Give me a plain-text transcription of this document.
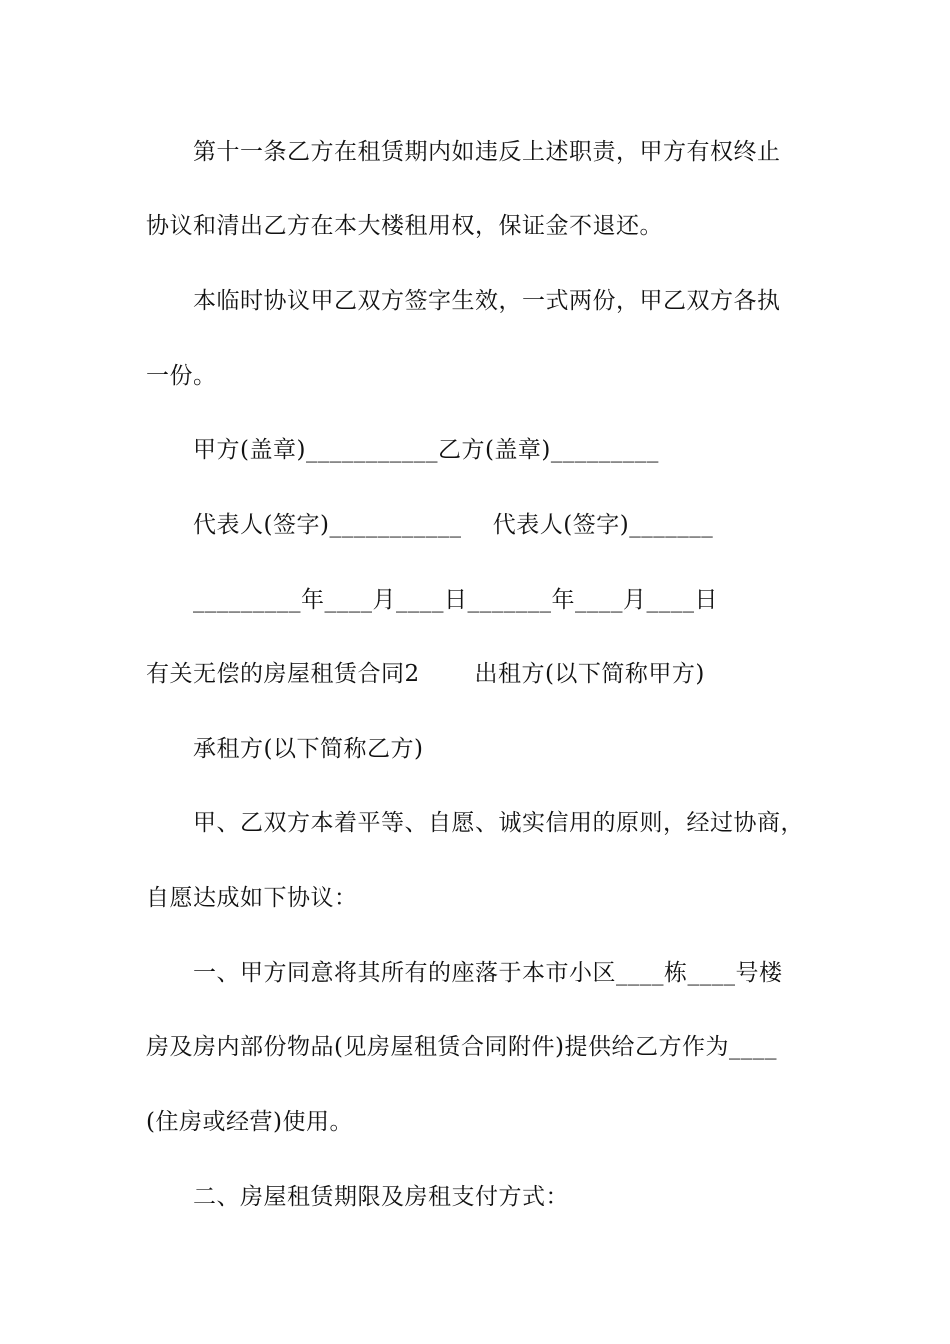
第十一条乙方在租赁期内如违反上述职责，甲方有权终止
协议和清出乙方在本大楼租用权，保证金不退还。
本临时协议甲乙双方签字生效，一式两份，甲乙双方各执
一份。
甲方(盖章)___________乙方(盖章)_________
代表人(签字)___________　 代表人(签字)_______
_________年____月____日_______年____月____日
有关无偿的房屋租赁合同2　　 出租方(以下简称甲方)
承租方(以下简称乙方)
甲、乙双方本着平等、自愿、诚实信用的原则，经过协商，
自愿达成如下协议：
一、甲方同意将其所有的座落于本市小区____栋____号楼
房及房内部份物品(见房屋租赁合同附件)提供给乙方作为____
(住房或经营)使用。
二、房屋租赁期限及房租支付方式：
